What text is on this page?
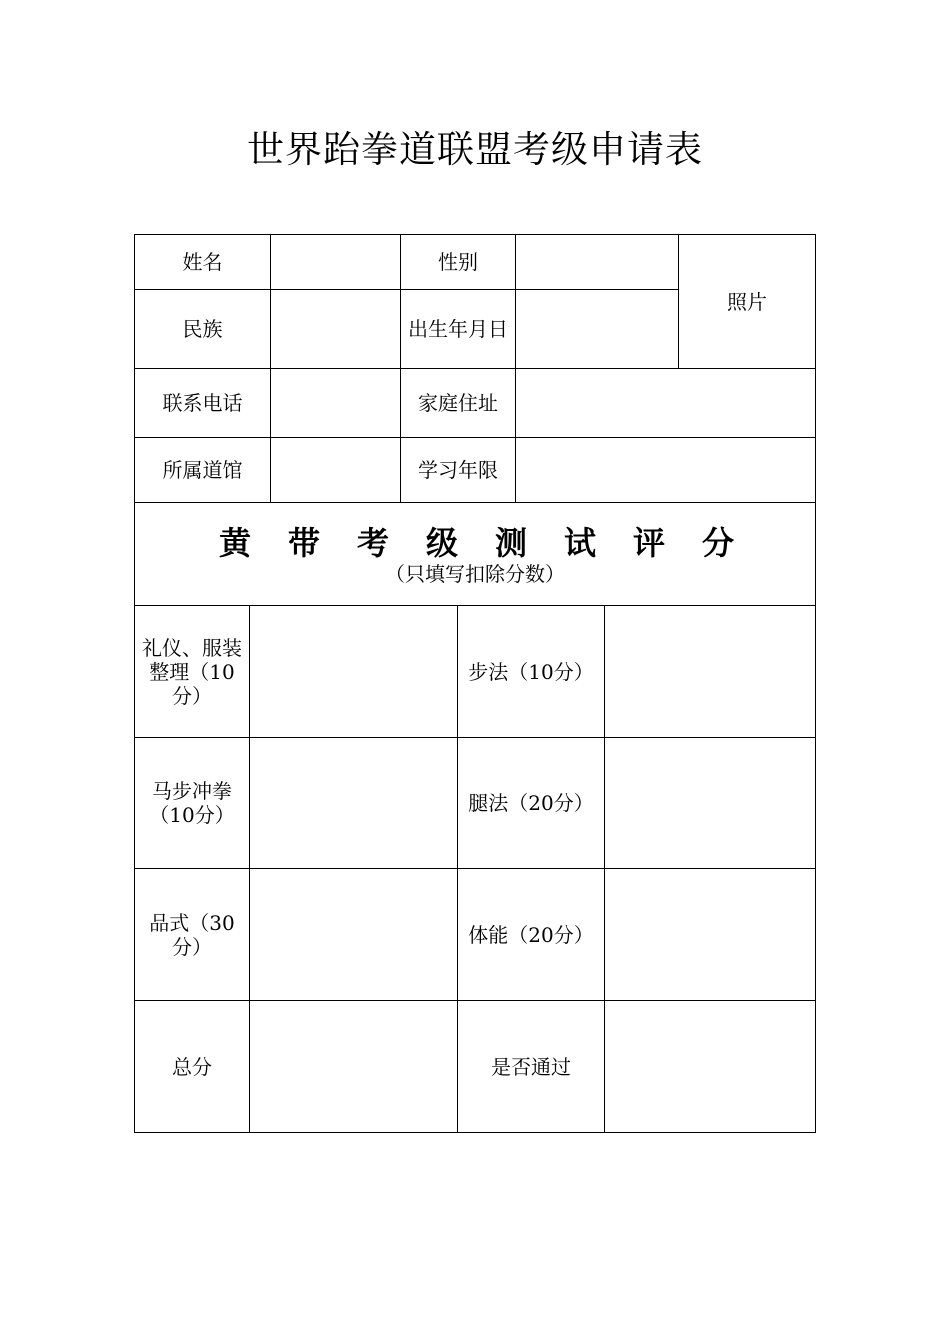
世界跆拳道联盟考级申请表
姓名			性别				照片
民族			出生年月日				
联系电话			家庭住址				
所属道馆			学习年限				

黄带考级测试评分
（只填写扣除分数）							

礼仪、服装整理（10分）				步法（10分）			
马步冲拳（10分）				腿法（20分）			
品式（30分）				体能（20分）			
总分				是否通过			
